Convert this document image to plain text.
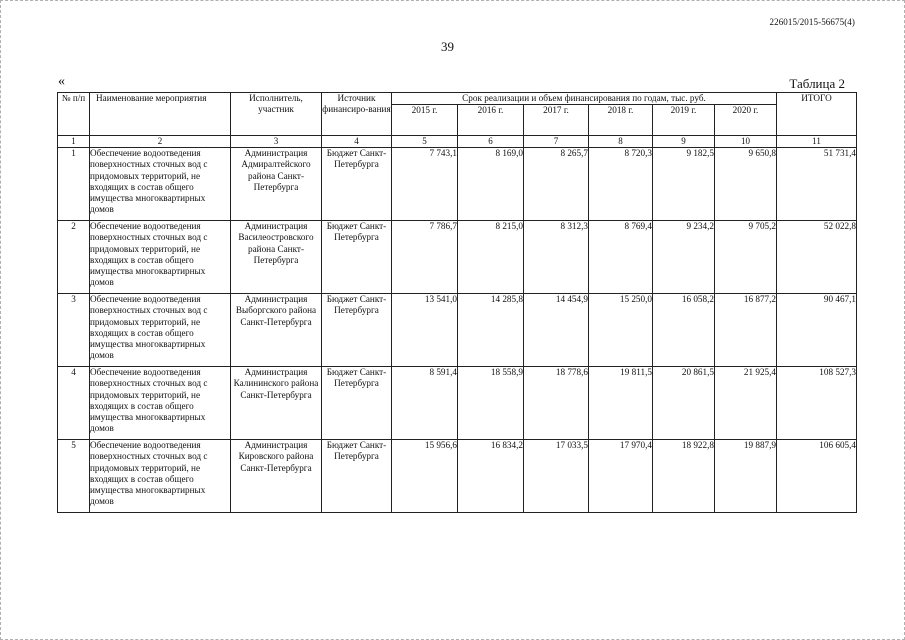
226015/2015-56675(4)
39
«	Таблица 2
№ п/п	Наименование мероприятия	Исполнитель, участник	Источник финансиро-вания	Срок реализации и объем финансирования по годам, тыс. руб.						ИТОГО
				2015 г.	2016 г.	2017 г.	2018 г.	2019 г.	2020 г.	
1	2	3	4	5	6	7	8	9	10	11
1	Обеспечение водоотведения поверхностных сточных вод с придомовых территорий, не входящих в состав общего имущества многоквартирных домов	Администрация Адмиралтейского района Санкт-Петербурга	Бюджет Санкт-Петербурга	7 743,1	8 169,0	8 265,7	8 720,3	9 182,5	9 650,8	51 731,4
2	Обеспечение водоотведения поверхностных сточных вод с придомовых территорий, не входящих в состав общего имущества многоквартирных домов	Администрация Василеостровского района Санкт-Петербурга	Бюджет Санкт-Петербурга	7 786,7	8 215,0	8 312,3	8 769,4	9 234,2	9 705,2	52 022,8
3	Обеспечение водоотведения поверхностных сточных вод с придомовых территорий, не входящих в состав общего имущества многоквартирных домов	Администрация Выборгского района Санкт-Петербурга	Бюджет Санкт-Петербурга	13 541,0	14 285,8	14 454,9	15 250,0	16 058,2	16 877,2	90 467,1
4	Обеспечение водоотведения поверхностных сточных вод с придомовых территорий, не входящих в состав общего имущества многоквартирных домов	Администрация Калининского района Санкт-Петербурга	Бюджет Санкт-Петербурга	8 591,4	18 558,9	18 778,6	19 811,5	20 861,5	21 925,4	108 527,3
5	Обеспечение водоотведения поверхностных сточных вод с придомовых территорий, не входящих в состав общего имущества многоквартирных домов	Администрация Кировского района Санкт-Петербурга	Бюджет Санкт-Петербурга	15 956,6	16 834,2	17 033,5	17 970,4	18 922,8	19 887,9	106 605,4
